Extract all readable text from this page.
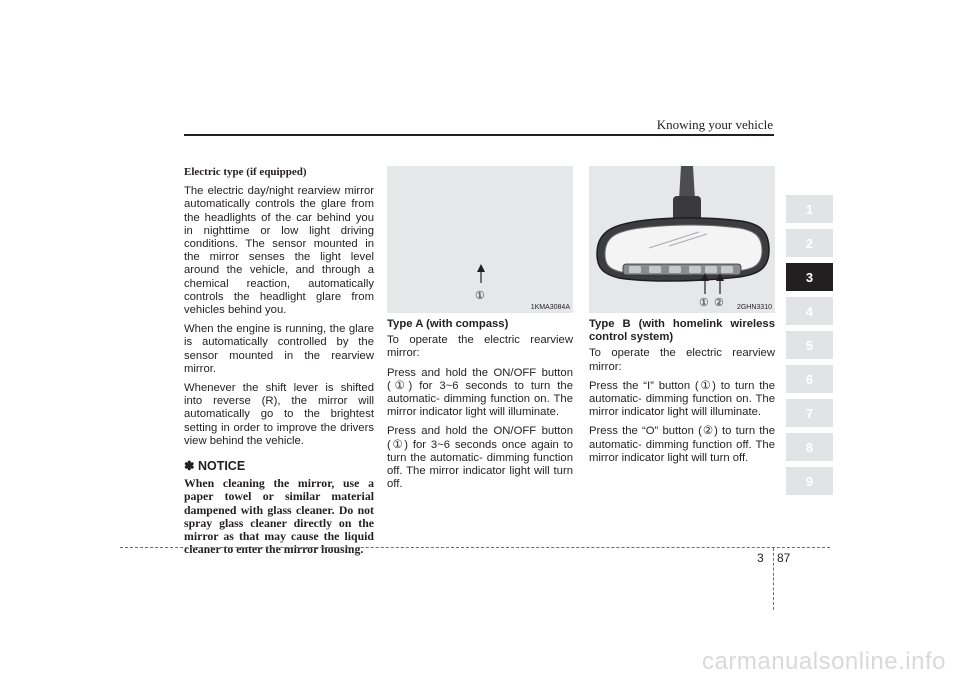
Knowing your vehicle
Electric type (if equipped)

The electric day/night rearview mirror automatically controls the glare from the headlights of the car behind you in nighttime or low light driving conditions. The sensor mounted in the mirror senses the light level around the vehicle, and through a chemical reaction, automatically controls the headlight glare from vehicles behind you.

When the engine is running, the glare is automatically controlled by the sensor mounted in the rearview mirror.

Whenever the shift lever is shifted into reverse (R), the mirror will automatically go to the brightest setting in order to improve the drivers view behind the vehicle.

✽ NOTICE
When cleaning the mirror, use a paper towel or similar material dampened with glass cleaner. Do not spray glass cleaner directly on the mirror as that may cause the liquid cleaner to enter the mirror housing.
①
1KMA3084A	① ② 2GHN3310
Type A (with compass)

To operate the electric rearview mirror:

Press and hold the ON/OFF button (①) for 3~6 seconds to turn the automatic- dimming function on. The mirror indicator light will illuminate.

Press and hold the ON/OFF button (①) for 3~6 seconds once again to turn the automatic- dimming function off. The mirror indicator light will turn off.

Type B (with homelink wireless control system)

To operate the electric rearview mirror:

Press the “I” button (①) to turn the automatic- dimming function on. The mirror indicator light will illuminate.

Press the “O” button (②) to turn the automatic- dimming function off. The mirror indicator light will turn off.

1
2
3
4
5
6
7
8
9
3 87
carmanualsonline.info
